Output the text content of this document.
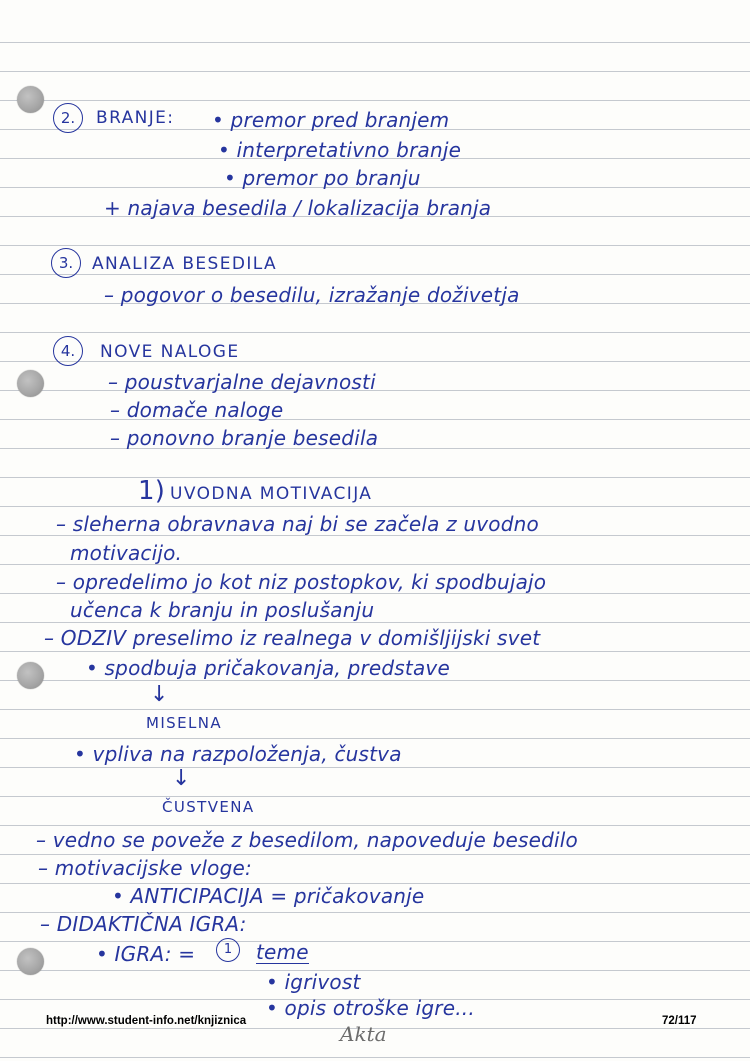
2.	BRANJE: • premor pred branjem
• interpretativno branje
• premor po branju
+ najava besedila / lokalizacija branja
3.	ANALIZA BESEDILA
– pogovor o besedilu, izražanje doživetja
4.	NOVE NALOGE
– poustvarjalne dejavnosti
– domače naloge
– ponovno branje besedila
1) UVODNA MOTIVACIJA
– slehernа obravnava naj bi se začela z uvodno
motivacijo.
– opredelimo jo kot niz postopkov, ki spodbujajo
učenca k branju in poslušanju
– ODZIV preselimo iz realnega v domišljijski svet
• spodbuja pričakovanja, predstave
↓
MISELNA
• vpliva na razpoloženja, čustva
↓
ČUSTVENA
– vedno se poveže z besedilom, napoveduje besedilo
– motivacijske vloge:
• ANTICIPACIJA = pričakovanje
– DIDAKTIČNA IGRA:
• IGRA: =	1	teme
• igrivost
• opis otroške igre...
http://www.student-info.net/knjiznica	72/117
Akta
